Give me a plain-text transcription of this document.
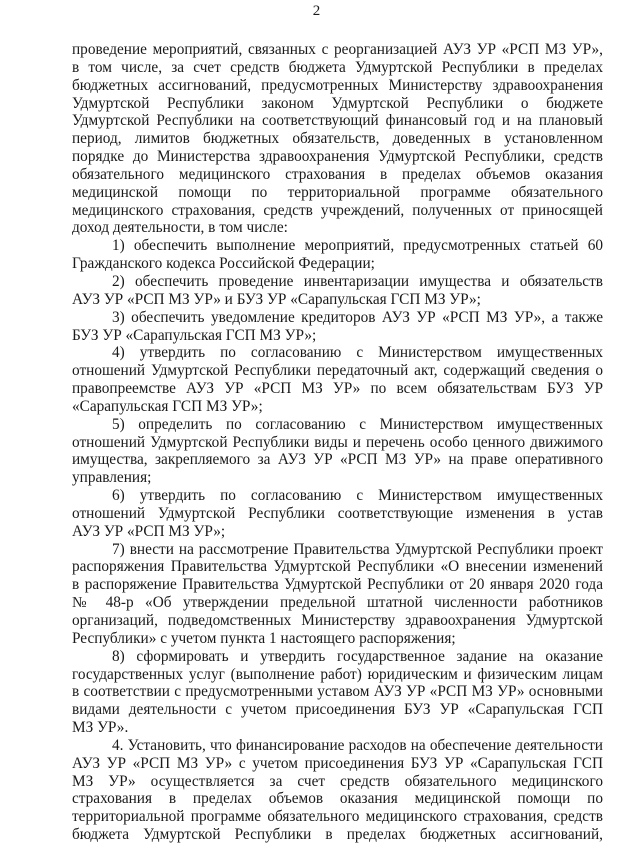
2
проведение мероприятий, связанных с реорганизацией АУЗ УР «РСП МЗ УР»,
в том числе, за счет средств бюджета Удмуртской Республики в пределах
бюджетных ассигнований, предусмотренных Министерству здравоохранения
Удмуртской Республики законом Удмуртской Республики о бюджете
Удмуртской Республики на соответствующий финансовый год и на плановый
период, лимитов бюджетных обязательств, доведенных в установленном
порядке до Министерства здравоохранения Удмуртской Республики, средств
обязательного медицинского страхования в пределах объемов оказания
медицинской помощи по территориальной программе обязательного
медицинского страхования, средств учреждений, полученных от приносящей
доход деятельности, в том числе:
1) обеспечить выполнение мероприятий, предусмотренных статьей 60
Гражданского кодекса Российской Федерации;
2) обеспечить проведение инвентаризации имущества и обязательств
АУЗ УР «РСП МЗ УР» и БУЗ УР «Сарапульская ГСП МЗ УР»;
3) обеспечить уведомление кредиторов АУЗ УР «РСП МЗ УР», а также
БУЗ УР «Сарапульская ГСП МЗ УР»;
4) утвердить по согласованию с Министерством имущественных
отношений Удмуртской Республики передаточный акт, содержащий сведения о
правопреемстве АУЗ УР «РСП МЗ УР» по всем обязательствам БУЗ УР
«Сарапульская ГСП МЗ УР»;
5) определить по согласованию с Министерством имущественных
отношений Удмуртской Республики виды и перечень особо ценного движимого
имущества, закрепляемого за АУЗ УР «РСП МЗ УР» на праве оперативного
управления;
6) утвердить по согласованию с Министерством имущественных
отношений Удмуртской Республики соответствующие изменения в устав
АУЗ УР «РСП МЗ УР»;
7) внести на рассмотрение Правительства Удмуртской Республики проект
распоряжения Правительства Удмуртской Республики «О внесении изменений
в распоряжение Правительства Удмуртской Республики от 20 января 2020 года
№ 48-р «Об утверждении предельной штатной численности работников
организаций, подведомственных Министерству здравоохранения Удмуртской
Республики» с учетом пункта 1 настоящего распоряжения;
8) сформировать и утвердить государственное задание на оказание
государственных услуг (выполнение работ) юридическим и физическим лицам
в соответствии с предусмотренными уставом АУЗ УР «РСП МЗ УР» основными
видами деятельности с учетом присоединения БУЗ УР «Сарапульская ГСП
МЗ УР».
4. Установить, что финансирование расходов на обеспечение деятельности
АУЗ УР «РСП МЗ УР» с учетом присоединения БУЗ УР «Сарапульская ГСП
МЗ УР» осуществляется за счет средств обязательного медицинского
страхования в пределах объемов оказания медицинской помощи по
территориальной программе обязательного медицинского страхования, средств
бюджета Удмуртской Республики в пределах бюджетных ассигнований,
